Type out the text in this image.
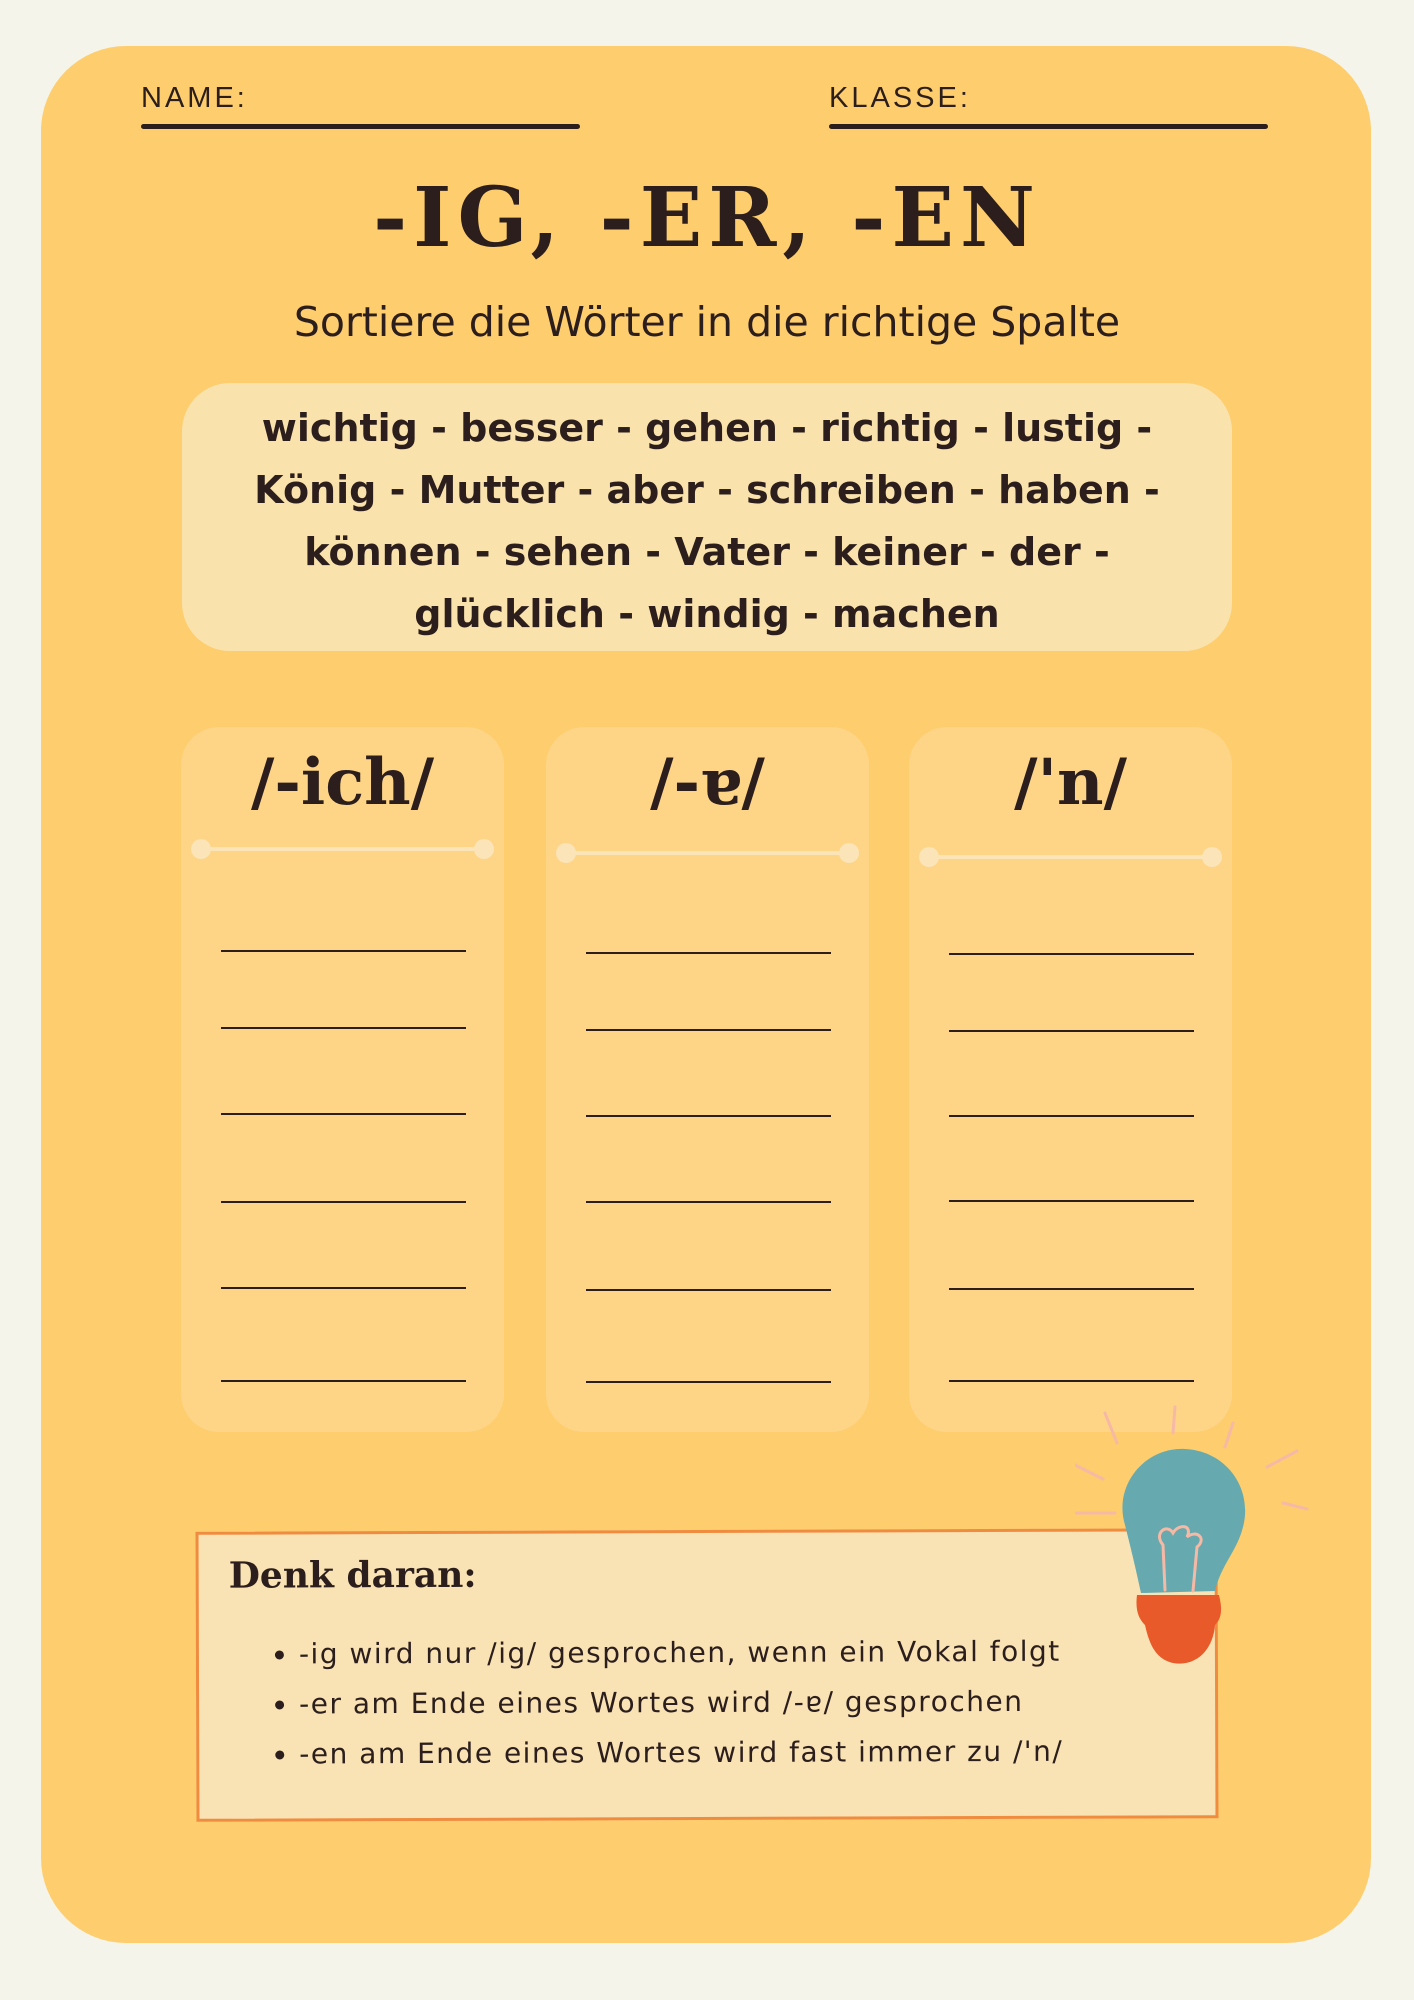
NAME:	KLASSE:
-IG, -ER, -EN
Sortiere die Wörter in die richtige Spalte
wichtig - besser - gehen - richtig - lustig -
König - Mutter - aber - schreiben - haben -
können - sehen - Vater - keiner - der -
glücklich - windig - machen
/-ich/	/-ɐ/	/'n/
Denk daran:
• -ig wird nur /ig/ gesprochen, wenn ein Vokal folgt
• -er am Ende eines Wortes wird /-ɐ/ gesprochen
• -en am Ende eines Wortes wird fast immer zu /'n/
